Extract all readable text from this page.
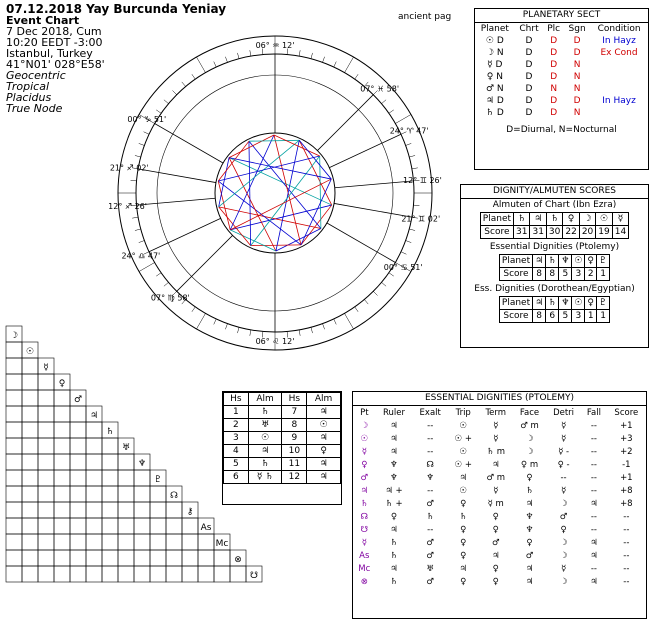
07.12.2018 Yay Burcunda Yeniay
Event Chart
7 Dec 2018, Cum
10:20 EEDT -3:00
Istanbul, Turkey
41°N01' 028°E58'
Geocentric
Tropical
Placidus
True Node
ancient pag
06° ♒ 12'
07° ♓ 58'
24° ♈ 47'
12° ♊ 26'
21° ♊ 02'
00° ♋ 51'
06° ♌ 12'
07° ♍ 58'
24° ♎ 47'
12° ♐ 26'
21° ♐ 02'
00° ♑ 51'
PLANETARY SECT
Planet	Chrt	Plc	Sgn	Condition
☉ D	D	D	D	In Hayz
☽ N	D	D	D	Ex Cond
☿ D	D	D	N	
♀ N	D	D	N	
♂ N	D	N	N	
♃ D	D	D	D	In Hayz
♄ D	D	D	N	
D=Diurnal, N=Nocturnal
DIGNITY/ALMUTEN SCORES
Almuten of Chart (Ibn Ezra)
Planet	♄	♃	♄	♀	☽	☉	☿
Score	31	31	30	22	20	19	14
Essential Dignities (Ptolemy)
Planet	♃	♄	♆	☉	♀	♇
Score	8	8	5	3	2	1
Ess. Dignities (Dorothean/Egyptian)
Planet	♃	♄	♆	☉	♀	♇
Score	8	6	5	3	1	1
Hs	Alm	Hs	Alm
1	♄	7	♃
2	♅	8	☉
3	☉	9	♃
4	♃	10	♀
5	♄	11	♃
6	☿ ♄	12	♃
ESSENTIAL DIGNITIES (PTOLEMY)
Pt	Ruler	Exalt	Trip	Term	Face	Detri	Fall	Score
☽	♃	--	☉	☿	♂ m	☿	--	+1
☉	♃	--	☉ +	☿	☽	☿	--	+3
☿	♃	--	☉	♄ m	☽	☿ -	--	+2
♀	♆	☊	☉ +	♃	♀ m	♀ -	--	-1
♂	♆	♆	♃	♂ m	♀	--	--	+1
♃	♃ +	--	☉	☿	♄	☿	--	+8
♄	♄ +	♂	♀	☿ m	♃	☽	♃	+8
☊	♀	♄	♄	♀	♆	♂	--	--
☋	♃	--	♀	♀	♆	♀	--	--
☿	♄	♂	♀	♂	♀	☽	♃	--
As	♄	♂	♀	♃	♂	☽	♃	--
Mc	♃	♅	♃	♀	♃	☿	--	--
⊗	♄	♂	♀	♀	♃	☽	♃	--
☽
☉
☿
♀
♂
♃
♄
♅
♆
♇
☊
⚷
As
Mc
⊗
☋
